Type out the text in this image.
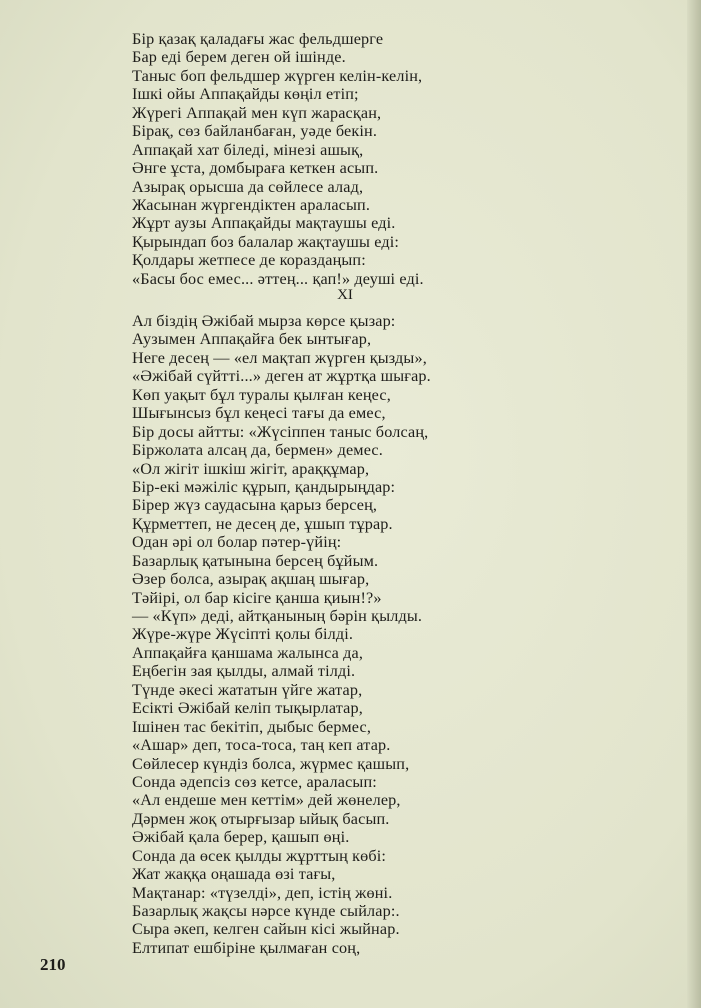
Бір қазақ қаладағы жас фельдшерге
Бар еді берем деген ой ішінде.
Таныс боп фельдшер жүрген келін-келін,
Ішкі ойы Аппақайды көңіл етіп;
Жүрегі Аппақай мен күп жарасқан,
Бірақ, сөз байланбаған, уәде бекін.
Аппақай хат біледі, мінезі ашық,
Әнге ұста, домбыраға кеткен асып.
Азырақ орысша да сөйлесе алад,
Жасынан жүргендіктен араласып.
Жұрт аузы Аппақайды мақтаушы еді.
Қырындап боз балалар жақтаушы еді:
Қолдары жетпесе де кораздаңып:
«Басы бос емес... әттең... қап!» деуші еді.
XI
Ал біздің Әжібай мырза көрсе қызар:
Аузымен Аппақайға бек ынтығар,
Неге десең — «ел мақтап жүрген қызды»,
«Әжібай сүйтті...» деген ат жұртқа шығар.
Көп уақыт бұл туралы қылған кеңес,
Шығынсыз бұл кеңесі тағы да емес,
Бір досы айтты: «Жүсіппен таныс болсаң,
Біржолата алсаң да, бермен» демес.
«Ол жігіт ішкіш жігіт, араққұмар,
Бір-екі мәжіліс құрып, қандырыңдар:
Бірер жүз саудасына қарыз берсең,
Құрметтеп, не десең де, ұшып тұрар.
Одан әрі ол болар пәтер-үйің:
Базарлық қатынына берсең бұйым.
Әзер болса, азырақ ақшаң шығар,
Тәйірі, ол бар кісіге қанша қиын!?»
— «Күп» деді, айтқанының бәрін қылды.
Жүре-жүре Жүсіпті қолы білді.
Аппақайға қаншама жалынса да,
Еңбегін зая қылды, алмай тілді.
Түнде әкесі жататын үйге жатар,
Есікті Әжібай келіп тықырлатар,
Ішінен тас бекітіп, дыбыс бермес,
«Ашар» деп, тоса-тоса, таң кеп атар.
Сөйлесер күндіз болса, жүрмес қашып,
Сонда әдепсіз сөз кетсе, араласып:
«Ал ендеше мен кеттім» дей жөнелер,
Дәрмен жоқ отырғызар ыйық басып.
Әжібай қала берер, қашып өңі.
Сонда да өсек қылды жұрттың көбі:
Жат жаққа оңашада өзі тағы,
Мақтанар: «түзелді», деп, істің жөні.
Базарлық жақсы нәрсе күнде сыйлар:.
Сыра әкеп, келген сайын кісі жыйнар.
Елтипат ешбіріне қылмаған соң,
210
